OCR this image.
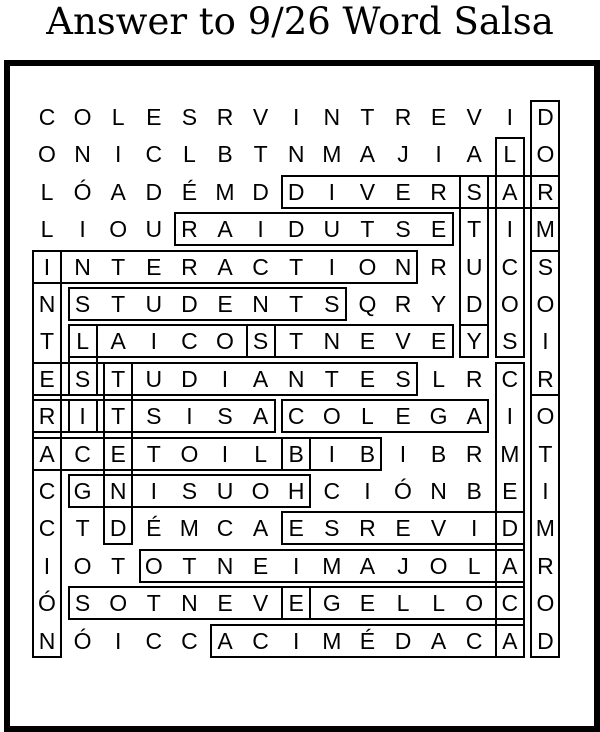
Answer to 9/26 Word Salsa
C O L E S R V	I	N T R E V	I	D
O N	I	C L B T N M A J	I	A L O
L Ó A D É M D D	I	V E R S A R
L	I	O U R A	I	D U T S E T	I M
I	N T E R A C T	I	O N R U C S
N S T U D E N T S Q R Y D O O
T L A	I	C O S T N E V E Y S	I
E S T U D	I	A N T E S L R C R
R	I	T S	I	S A C O L E G A	I	O
A C E T O	I	L B	I	B	I	B R M T
C G N	I	S U O H C	I	Ó N B E	I
C T D É M C A E S R E V	I	D M
I	O T O T N E	I M A J O L A R
Ó S O T N E V E G E L L O C O
N Ó	I	C C A C	I M É D A C A D
